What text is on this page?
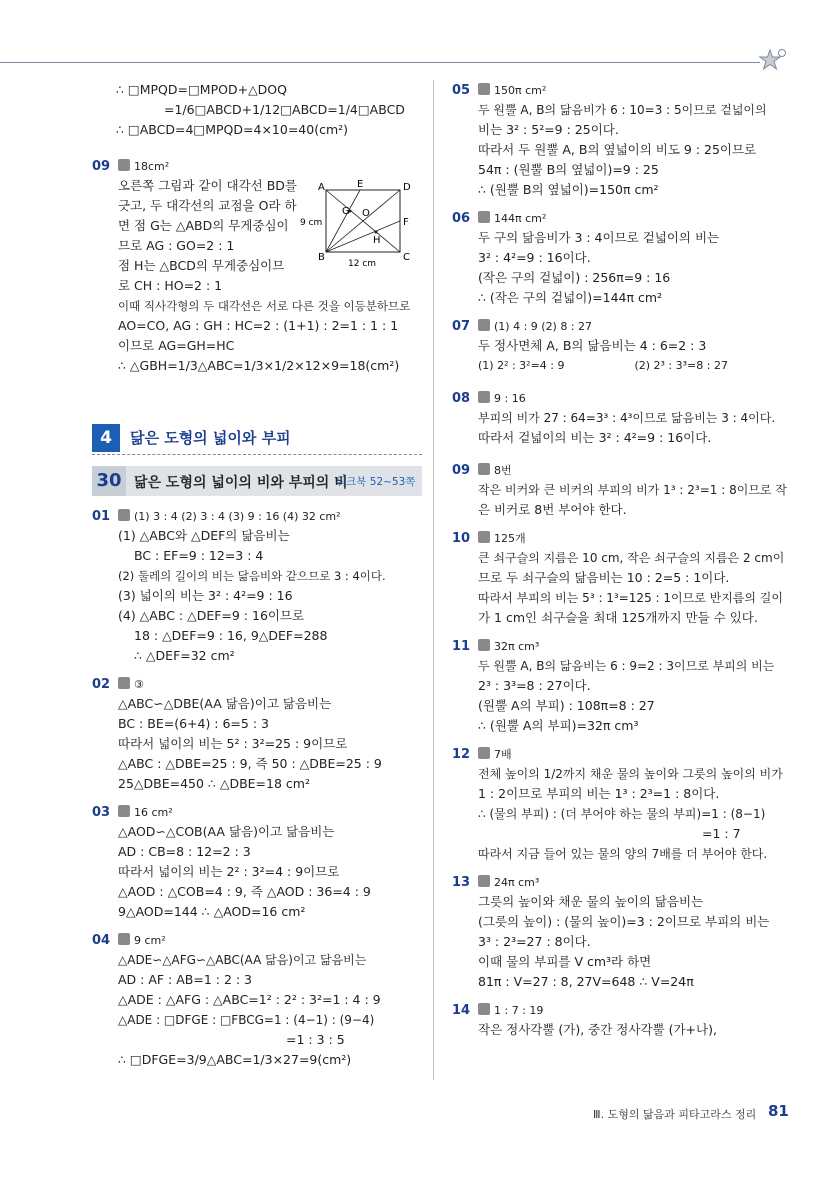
∴ □MPQD=□MPOD+△DOQ
=1/6□ABCD+1/12□ABCD=1/4□ABCD
∴ □ABCD=4□MPQD=4×10=40(cm²)
09 18cm²
오른쪽 그림과 같이 대각선 BD를
긋고, 두 대각선의 교점을 O라 하
면 점 G는 △ABD의 무게중심이
므로 AG : GO=2 : 1
점 H는 △BCD의 무게중심이므
로 CH : HO=2 : 1
이때 직사각형의 두 대각선은 서로 다른 것을 이등분하므로
AO=CO, AG : GH : HC=2 : (1+1) : 2=1 : 1 : 1
이므로 AG=GH=HC
∴ △GBH=1/3△ABC=1/3×1/2×12×9=18(cm²)
A	E	D
G O
F
H
B	C
9 cm
12 cm
4	닮은 도형의 넓이와 부피
30 닮은 도형의 넓이의 비와 부피의 비
워크북 52~53쪽
01 (1) 3 : 4 (2) 3 : 4 (3) 9 : 16 (4) 32 cm²
(1) △ABC와 △DEF의 닮음비는
BC : EF=9 : 12=3 : 4
(2) 둘레의 길이의 비는 닮음비와 같으므로 3 : 4이다.
(3) 넓이의 비는 3² : 4²=9 : 16
(4) △ABC : △DEF=9 : 16이므로
18 : △DEF=9 : 16, 9△DEF=288
∴ △DEF=32 cm²
02 ③
△ABC∽△DBE(AA 닮음)이고 닮음비는
BC : BE=(6+4) : 6=5 : 3
따라서 넓이의 비는 5² : 3²=25 : 9이므로
△ABC : △DBE=25 : 9, 즉 50 : △DBE=25 : 9
25△DBE=450 ∴ △DBE=18 cm²
03 16 cm²
△AOD∽△COB(AA 닮음)이고 닮음비는
AD : CB=8 : 12=2 : 3
따라서 넓이의 비는 2² : 3²=4 : 9이므로
△AOD : △COB=4 : 9, 즉 △AOD : 36=4 : 9
9△AOD=144 ∴ △AOD=16 cm²
04 9 cm²
△ADE∽△AFG∽△ABC(AA 닮음)이고 닮음비는
AD : AF : AB=1 : 2 : 3
△ADE : △AFG : △ABC=1² : 2² : 3²=1 : 4 : 9
△ADE : □DFGE : □FBCG=1 : (4−1) : (9−4)
=1 : 3 : 5
∴ □DFGE=3/9△ABC=1/3×27=9(cm²)
05 150π cm²
두 원뿔 A, B의 닮음비가 6 : 10=3 : 5이므로 겉넓이의
비는 3² : 5²=9 : 25이다.
따라서 두 원뿔 A, B의 옆넓이의 비도 9 : 25이므로
54π : (원뿔 B의 옆넓이)=9 : 25
∴ (원뿔 B의 옆넓이)=150π cm²
06 144π cm²
두 구의 닮음비가 3 : 4이므로 겉넓이의 비는
3² : 4²=9 : 16이다.
(작은 구의 겉넓이) : 256π=9 : 16
∴ (작은 구의 겉넓이)=144π cm²
07 (1) 4 : 9 (2) 8 : 27
두 정사면체 A, B의 닮음비는 4 : 6=2 : 3
(1) 2² : 3²=4 : 9                    (2) 2³ : 3³=8 : 27
08 9 : 16
부피의 비가 27 : 64=3³ : 4³이므로 닮음비는 3 : 4이다.
따라서 겉넓이의 비는 3² : 4²=9 : 16이다.
09 8번
작은 비커와 큰 비커의 부피의 비가 1³ : 2³=1 : 8이므로 작
은 비커로 8번 부어야 한다.
10 125개
큰 쇠구슬의 지름은 10 cm, 작은 쇠구슬의 지름은 2 cm이
므로 두 쇠구슬의 닮음비는 10 : 2=5 : 1이다.
따라서 부피의 비는 5³ : 1³=125 : 1이므로 반지름의 길이
가 1 cm인 쇠구슬을 최대 125개까지 만들 수 있다.
11 32π cm³
두 원뿔 A, B의 닮음비는 6 : 9=2 : 3이므로 부피의 비는
2³ : 3³=8 : 27이다.
(원뿔 A의 부피) : 108π=8 : 27
∴ (원뿔 A의 부피)=32π cm³
12 7배
전체 높이의 1/2까지 채운 물의 높이와 그릇의 높이의 비가
1 : 2이므로 부피의 비는 1³ : 2³=1 : 8이다.
∴ (물의 부피) : (더 부어야 하는 물의 부피)=1 : (8−1)
=1 : 7
따라서 지금 들어 있는 물의 양의 7배를 더 부어야 한다.
13 24π cm³
그릇의 높이와 채운 물의 높이의 닮음비는
(그릇의 높이) : (물의 높이)=3 : 2이므로 부피의 비는
3³ : 2³=27 : 8이다.
이때 물의 부피를 V cm³라 하면
81π : V=27 : 8, 27V=648 ∴ V=24π
14 1 : 7 : 19
작은 정사각뿔 (가), 중간 정사각뿔 (가+나),
Ⅲ. 도형의 닮음과 피타고라스 정리 81
